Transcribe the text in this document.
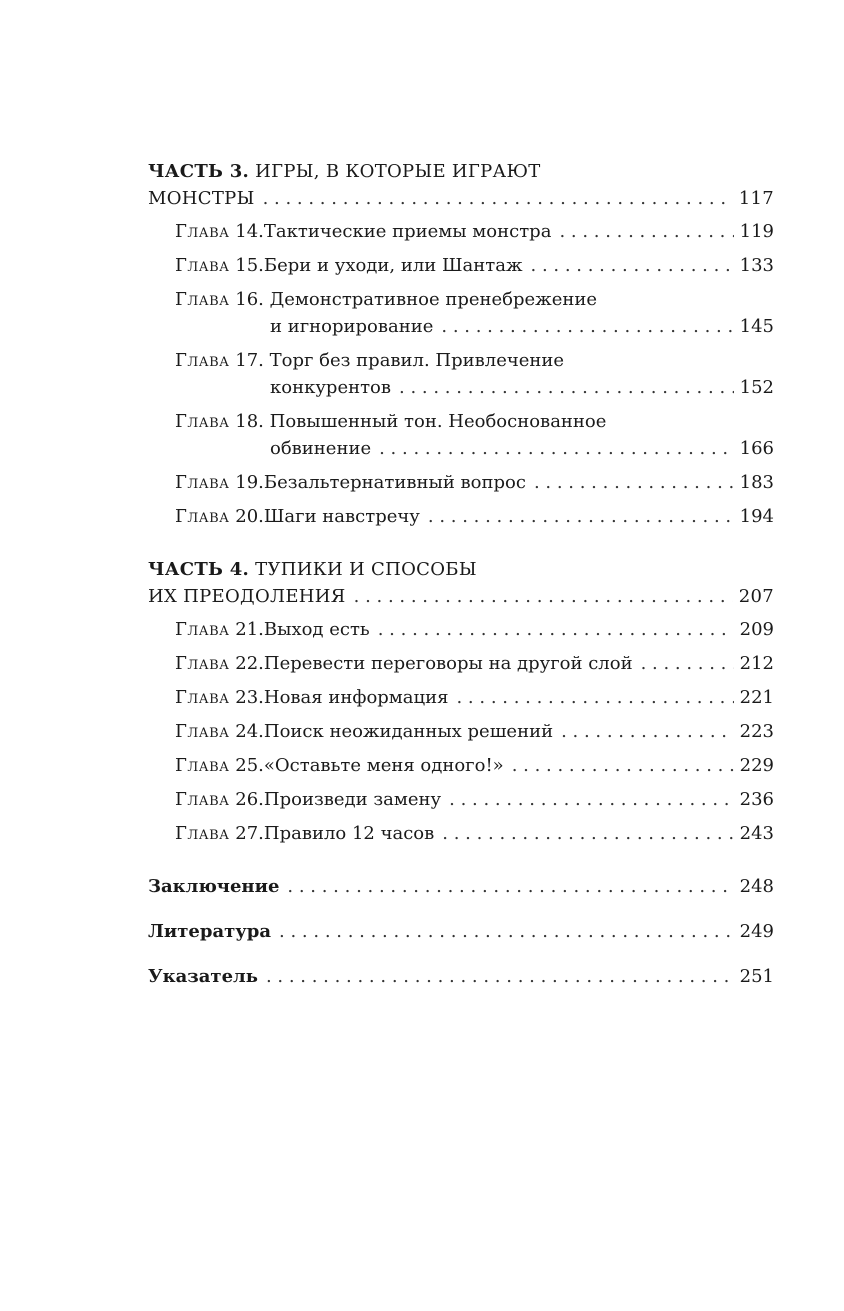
ЧАСТЬ 3. ИГРЫ, В КОТОРЫЕ ИГРАЮТ
МОНСТРЫ . . .	117
Глава 14. Тактические приемы монстра . . .	119
Глава 15. Бери и уходи, или Шантаж . . .	133
Глава 16. Демонстративное пренебрежение
и игнорирование . . .	145
Глава 17. Торг без правил. Привлечение
конкурентов . . .	152
Глава 18. Повышенный тон. Необоснованное
обвинение . . .	166
Глава 19. Безальтернативный вопрос . . .	183
Глава 20. Шаги навстречу . . .	194
ЧАСТЬ 4. ТУПИКИ И СПОСОБЫ
ИХ ПРЕОДОЛЕНИЯ . . .	207
Глава 21. Выход есть . . .	209
Глава 22. Перевести переговоры на другой слой . . .	212
Глава 23. Новая информация . . .	221
Глава 24. Поиск неожиданных решений . . .	223
Глава 25. «Оставьте меня одного!» . . .	229
Глава 26. Произведи замену . . .	236
Глава 27. Правило 12 часов . . .	243
Заключение . . .	248
Литература . . .	249
Указатель . . .	251
